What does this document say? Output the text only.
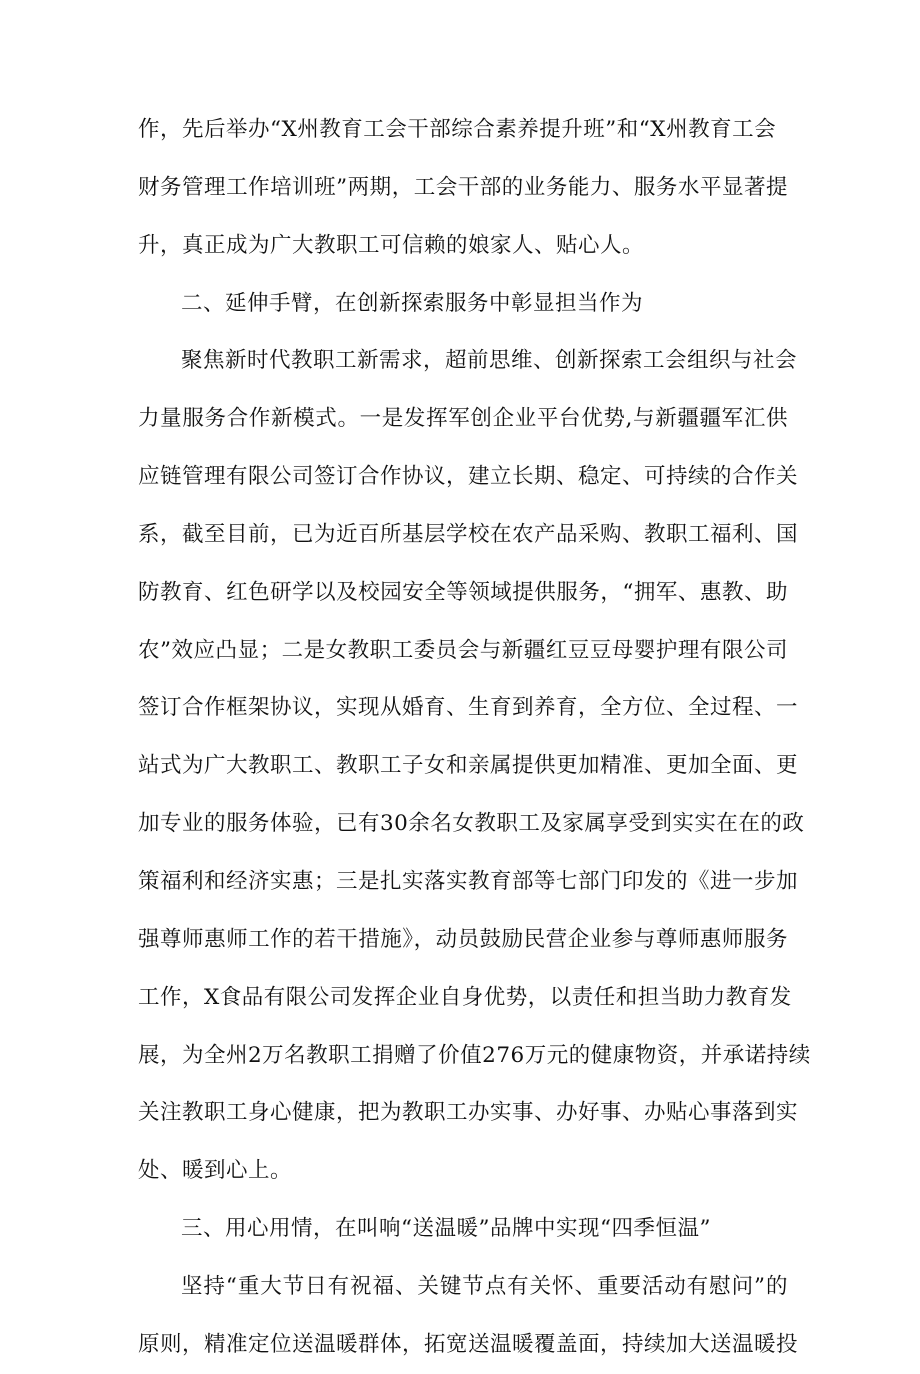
作，先后举办“X州教育工会干部综合素养提升班”和“X州教育工会
财务管理工作培训班”两期，工会干部的业务能力、服务水平显著提
升，真正成为广大教职工可信赖的娘家人、贴心人。
二、延伸手臂，在创新探索服务中彰显担当作为
聚焦新时代教职工新需求，超前思维、创新探索工会组织与社会
力量服务合作新模式。一是发挥军创企业平台优势,与新疆疆军汇供
应链管理有限公司签订合作协议，建立长期、稳定、可持续的合作关
系，截至目前，已为近百所基层学校在农产品采购、教职工福利、国
防教育、红色研学以及校园安全等领域提供服务，“拥军、惠教、助
农”效应凸显；二是女教职工委员会与新疆红豆豆母婴护理有限公司
签订合作框架协议，实现从婚育、生育到养育，全方位、全过程、一
站式为广大教职工、教职工子女和亲属提供更加精准、更加全面、更
加专业的服务体验，已有30余名女教职工及家属享受到实实在在的政
策福利和经济实惠；三是扎实落实教育部等七部门印发的《进一步加
强尊师惠师工作的若干措施》，动员鼓励民营企业参与尊师惠师服务
工作，X食品有限公司发挥企业自身优势，以责任和担当助力教育发
展，为全州2万名教职工捐赠了价值276万元的健康物资，并承诺持续
关注教职工身心健康，把为教职工办实事、办好事、办贴心事落到实
处、暖到心上。
三、用心用情，在叫响“送温暖”品牌中实现“四季恒温”
坚持“重大节日有祝福、关键节点有关怀、重要活动有慰问”的
原则，精准定位送温暖群体，拓宽送温暖覆盖面，持续加大送温暖投
